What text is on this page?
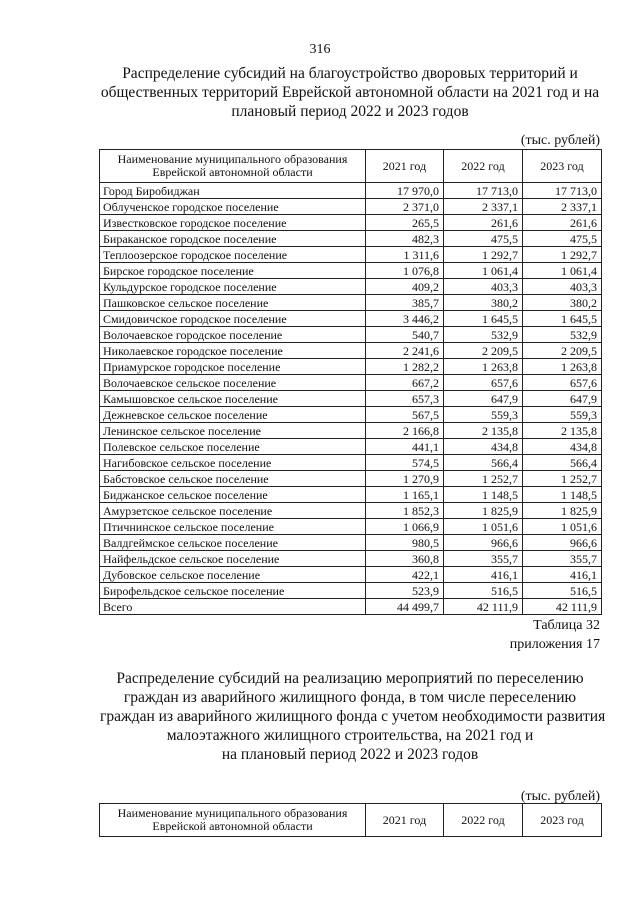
316
Распределение субсидий на благоустройство дворовых территорий и
общественных территорий Еврейской автономной области на 2021 год и на
плановый период 2022 и 2023 годов
(тыс. рублей)
Наименование муниципального образования Еврейской автономной области	2021 год	2022 год	2023 год
Город Биробиджан	17 970,0	17 713,0	17 713,0
Облученское городское поселение	2 371,0	2 337,1	2 337,1
Известковское городское поселение	265,5	261,6	261,6
Бираканское городское поселение	482,3	475,5	475,5
Теплоозерское городское поселение	1 311,6	1 292,7	1 292,7
Бирское городское поселение	1 076,8	1 061,4	1 061,4
Кульдурское городское поселение	409,2	403,3	403,3
Пашковское сельское поселение	385,7	380,2	380,2
Смидовичское городское поселение	3 446,2	1 645,5	1 645,5
Волочаевское городское поселение	540,7	532,9	532,9
Николаевское городское поселение	2 241,6	2 209,5	2 209,5
Приамурское городское поселение	1 282,2	1 263,8	1 263,8
Волочаевское сельское поселение	667,2	657,6	657,6
Камышовское сельское поселение	657,3	647,9	647,9
Дежневское сельское поселение	567,5	559,3	559,3
Ленинское сельское поселение	2 166,8	2 135,8	2 135,8
Полевское сельское поселение	441,1	434,8	434,8
Нагибовское сельское поселение	574,5	566,4	566,4
Бабстовское сельское поселение	1 270,9	1 252,7	1 252,7
Биджанское сельское поселение	1 165,1	1 148,5	1 148,5
Амурзетское сельское поселение	1 852,3	1 825,9	1 825,9
Птичнинское сельское поселение	1 066,9	1 051,6	1 051,6
Валдгеймское сельское поселение	980,5	966,6	966,6
Найфельдское сельское поселение	360,8	355,7	355,7
Дубовское сельское поселение	422,1	416,1	416,1
Бирофельдское сельское поселение	523,9	516,5	516,5
Всего	44 499,7	42 111,9	42 111,9
Таблица 32
приложения 17
Распределение субсидий на реализацию мероприятий по переселению
граждан из аварийного жилищного фонда, в том числе переселению
граждан из аварийного жилищного фонда с учетом необходимости развития
малоэтажного жилищного строительства, на 2021 год и
на плановый период 2022 и 2023 годов
(тыс. рублей)
Наименование муниципального образования Еврейской автономной области	2021 год	2022 год	2023 год
